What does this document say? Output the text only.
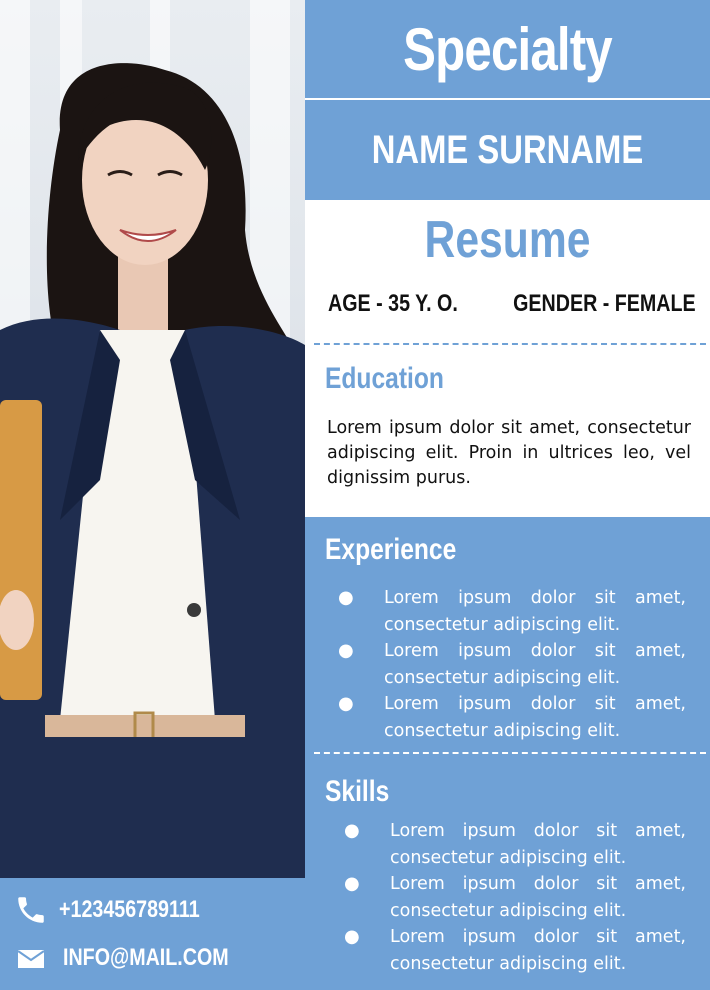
Specialty
NAME SURNAME
Resume
AGE - 35 Y. O. GENDER - FEMALE
Education
Lorem ipsum dolor sit amet, consectetur adipiscing elit. Proin in ultrices leo, vel dignissim purus.
Experience
● Lorem ipsum dolor sit amet, consectetur adipiscing elit.
● Lorem ipsum dolor sit amet, consectetur adipiscing elit.
● Lorem ipsum dolor sit amet, consectetur adipiscing elit.
Skills
● Lorem ipsum dolor sit amet, consectetur adipiscing elit.
● Lorem ipsum dolor sit amet, consectetur adipiscing elit.
● Lorem ipsum dolor sit amet, consectetur adipiscing elit.
+123456789111
INFO@MAIL.COM
